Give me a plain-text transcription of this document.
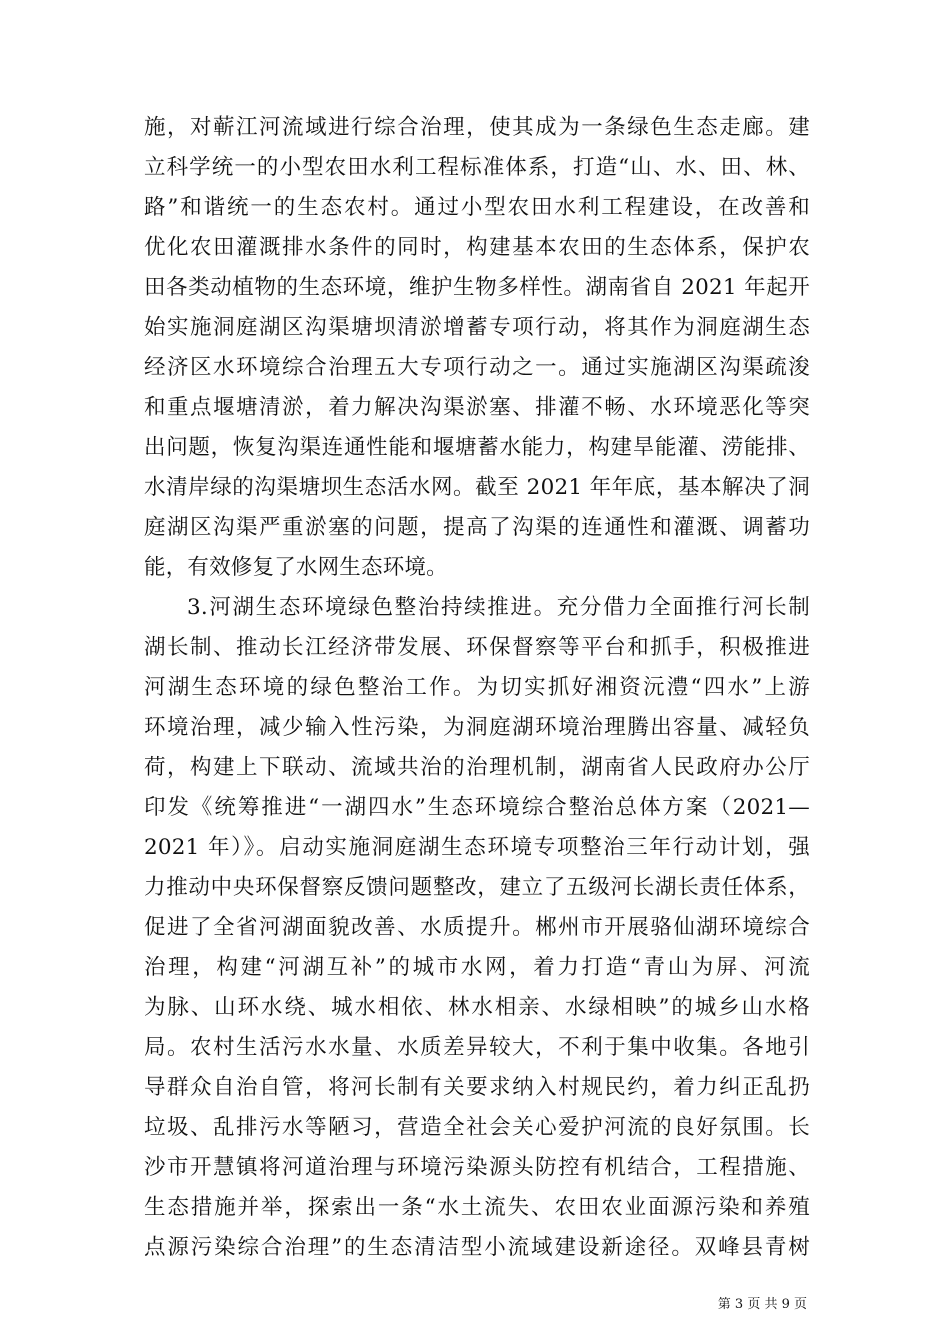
施，对蕲江河流域进行综合治理，使其成为一条绿色生态走廊。建
立科学统一的小型农田水利工程标准体系，打造“山、水、田、林、
路”和谐统一的生态农村。通过小型农田水利工程建设，在改善和
优化农田灌溉排水条件的同时，构建基本农田的生态体系，保护农
田各类动植物的生态环境，维护生物多样性。湖南省自 2021 年起开
始实施洞庭湖区沟渠塘坝清淤增蓄专项行动，将其作为洞庭湖生态
经济区水环境综合治理五大专项行动之一。通过实施湖区沟渠疏浚
和重点堰塘清淤，着力解决沟渠淤塞、排灌不畅、水环境恶化等突
出问题，恢复沟渠连通性能和堰塘蓄水能力，构建旱能灌、涝能排、
水清岸绿的沟渠塘坝生态活水网。截至 2021 年年底，基本解决了洞
庭湖区沟渠严重淤塞的问题，提高了沟渠的连通性和灌溉、调蓄功
能，有效修复了水网生态环境。
3.河湖生态环境绿色整治持续推进。充分借力全面推行河长制
湖长制、推动长江经济带发展、环保督察等平台和抓手，积极推进
河湖生态环境的绿色整治工作。为切实抓好湘资沅澧“四水”上游
环境治理，减少输入性污染，为洞庭湖环境治理腾出容量、减轻负
荷，构建上下联动、流域共治的治理机制，湖南省人民政府办公厅
印发《统筹推进“一湖四水”生态环境综合整治总体方案（2021—
2021 年）》。启动实施洞庭湖生态环境专项整治三年行动计划，强
力推动中央环保督察反馈问题整改，建立了五级河长湖长责任体系，
促进了全省河湖面貌改善、水质提升。郴州市开展骆仙湖环境综合
治理，构建“河湖互补”的城市水网，着力打造“青山为屏、河流
为脉、山环水绕、城水相依、林水相亲、水绿相映”的城乡山水格
局。农村生活污水水量、水质差异较大，不利于集中收集。各地引
导群众自治自管，将河长制有关要求纳入村规民约，着力纠正乱扔
垃圾、乱排污水等陋习，营造全社会关心爱护河流的良好氛围。长
沙市开慧镇将河道治理与环境污染源头防控有机结合，工程措施、
生态措施并举，探索出一条“水土流失、农田农业面源污染和养殖
点源污染综合治理”的生态清洁型小流域建设新途径。双峰县青树
第 3 页 共 9 页
